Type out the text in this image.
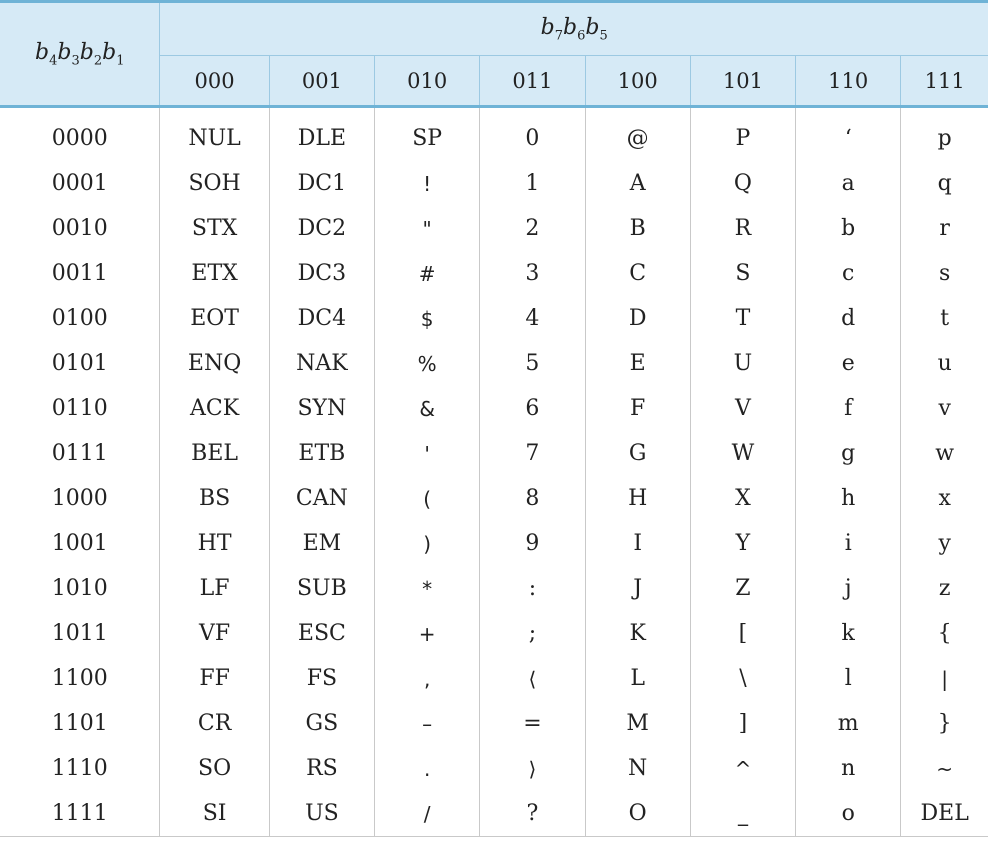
$b_4b_3b_2b_1$	$b_7b_6b_5$
	000	001	010	011	100	101	110	111
0000	NUL	DLE	SP	0	@	P	‘	p
0001	SOH	DC1	!	1	A	Q	a	q
0010	STX	DC2	"	2	B	R	b	r
0011	ETX	DC3	#	3	C	S	c	s
0100	EOT	DC4	$	4	D	T	d	t
0101	ENQ	NAK	%	5	E	U	e	u
0110	ACK	SYN	&	6	F	V	f	v
0111	BEL	ETB	'	7	G	W	g	w
1000	BS	CAN	(	8	H	X	h	x
1001	HT	EM	)	9	I	Y	i	y
1010	LF	SUB	*	:	J	Z	j	z
1011	VF	ESC	+	;	K	[	k	{
1100	FF	FS	,	⟨	L	\	l	|
1101	CR	GS	–	=	M	]	m	}
1110	SO	RS	.	⟩	N	^	n	~
1111	SI	US	/	?	O	_	o	DEL
